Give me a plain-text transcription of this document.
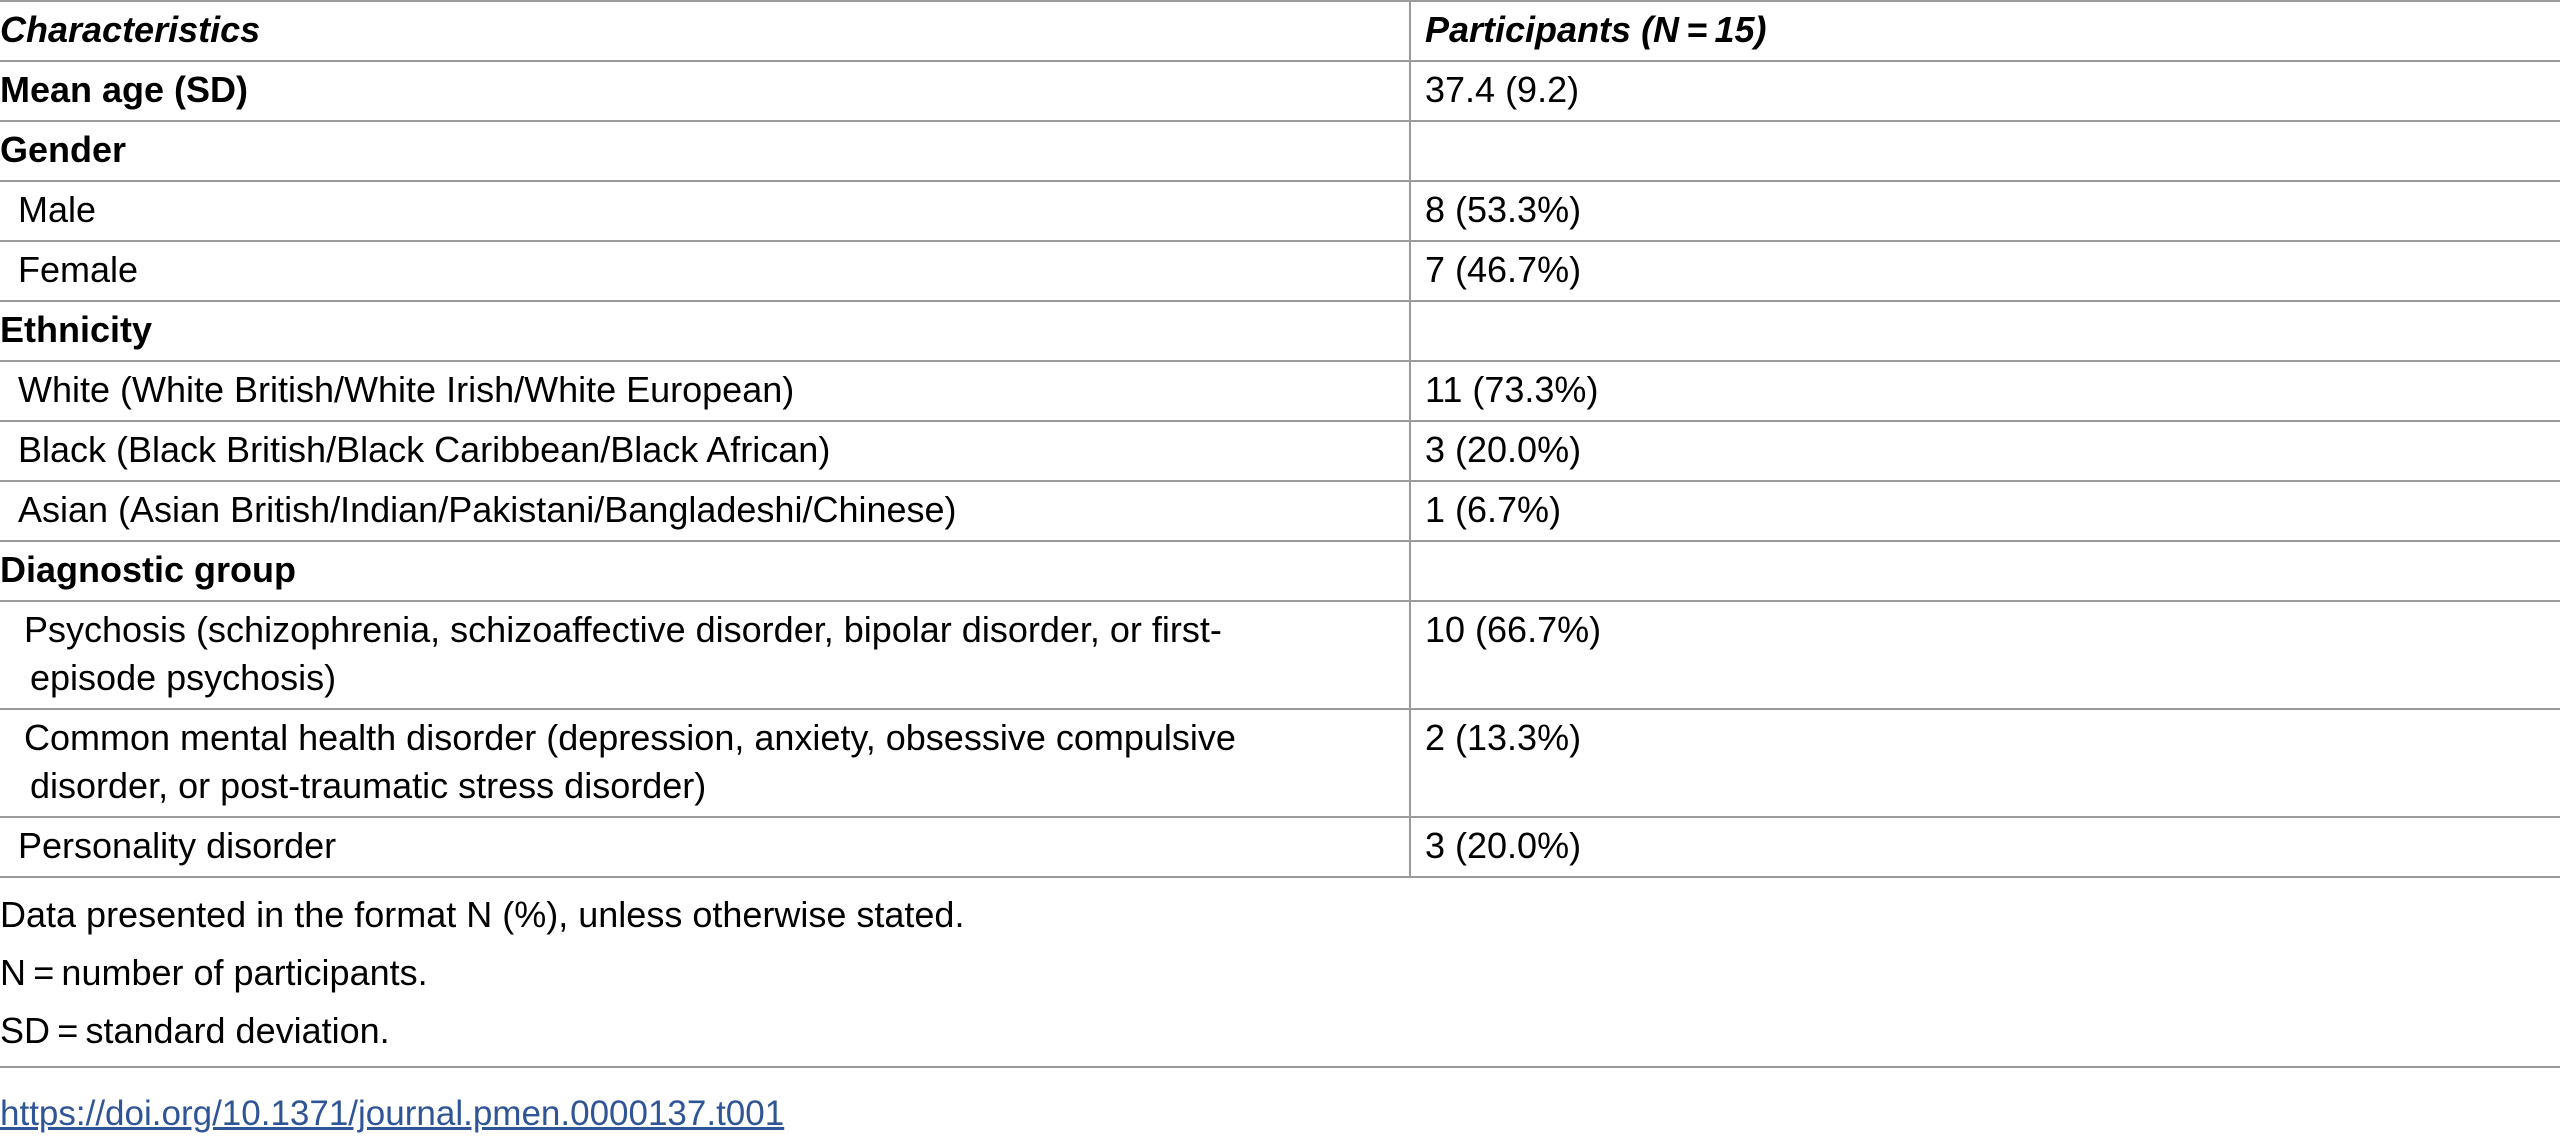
Characteristics	Participants (N = 15)
Mean age (SD)	37.4 (9.2)
Gender	

Male	8 (53.3%)

Female	7 (46.7%)
Ethnicity	

White (White British/White Irish/White European)	11 (73.3%)

Black (Black British/Black Caribbean/Black African)	3 (20.0%)

Asian (Asian British/Indian/Pakistani/Bangladeshi/Chinese)	1 (6.7%)
Diagnostic group	

Psychosis (schizophrenia, schizoaffective disorder, bipolar disorder, or first-
episode psychosis)	10 (66.7%)

Common mental health disorder (depression, anxiety, obsessive compulsive
disorder, or post-traumatic stress disorder)	2 (13.3%)

Personality disorder	3 (20.0%)
Data presented in the format N (%), unless otherwise stated.
N = number of participants.
SD = standard deviation.
https://doi.org/10.1371/journal.pmen.0000137.t001
